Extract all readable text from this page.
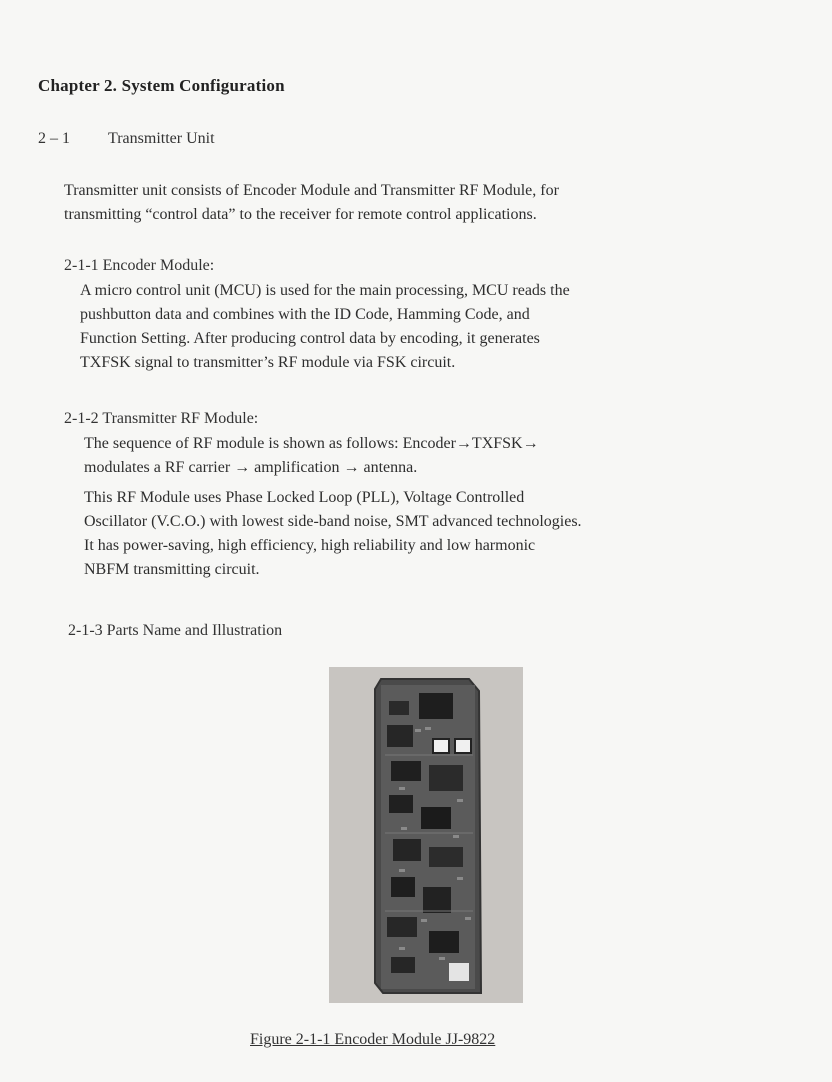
Chapter 2. System Configuration
2 – 1 Transmitter Unit
Transmitter unit consists of Encoder Module and Transmitter RF Module, for
transmitting “control data” to the receiver for remote control applications.
2-1-1 Encoder Module:
A micro control unit (MCU) is used for the main processing, MCU reads the
pushbutton data and combines with the ID Code, Hamming Code, and
Function Setting. After producing control data by encoding, it generates
TXFSK signal to transmitter’s RF module via FSK circuit.
2-1-2 Transmitter RF Module:
The sequence of RF module is shown as follows: Encoder→TXFSK→
modulates a RF carrier → amplification → antenna.
This RF Module uses Phase Locked Loop (PLL), Voltage Controlled
Oscillator (V.C.O.) with lowest side-band noise, SMT advanced technologies.
It has power-saving, high efficiency, high reliability and low harmonic
NBFM transmitting circuit.
2-1-3 Parts Name and Illustration
Figure 2-1-1 Encoder Module JJ-9822
